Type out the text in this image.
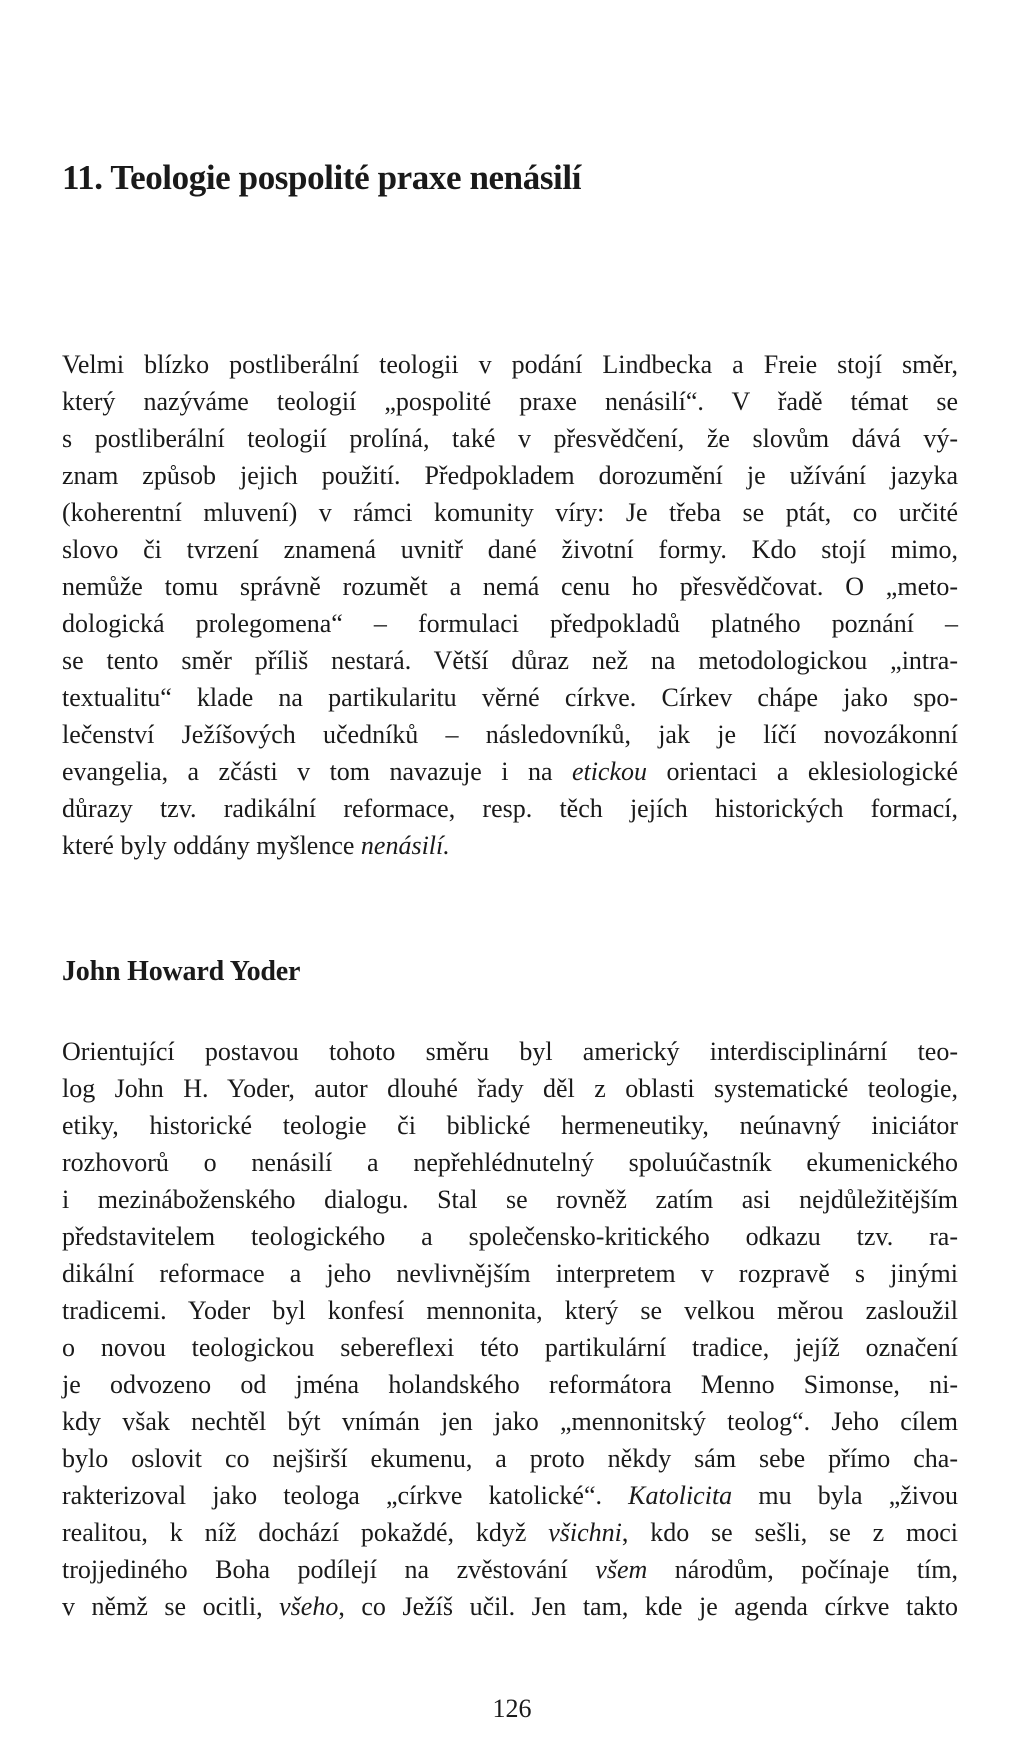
11. Teologie pospolité praxe nenásilí
Velmi blízko postliberální teologii v podání Lindbecka a Freie stojí směr,
který nazýváme teologií „pospolité praxe nenásilí“. V řadě témat se
s postliberální teologií prolíná, také v přesvědčení, že slovům dává vý-
znam způsob jejich použití. Předpokladem dorozumění je užívání jazyka
(koherentní mluvení) v rámci komunity víry: Je třeba se ptát, co určité
slovo či tvrzení znamená uvnitř dané životní formy. Kdo stojí mimo,
nemůže tomu správně rozumět a nemá cenu ho přesvědčovat. O „meto-
dologická prolegomena“ – formulaci předpokladů platného poznání –
se tento směr příliš nestará. Větší důraz než na metodologickou „intra-
textualitu“ klade na partikularitu věrné církve. Církev chápe jako spo-
lečenství Ježíšových učedníků – následovníků, jak je líčí novozákonní
evangelia, a zčásti v tom navazuje i na etickou orientaci a eklesiologické
důrazy tzv. radikální reformace, resp. těch jejích historických formací,
které byly oddány myšlence nenásilí.
John Howard Yoder
Orientující postavou tohoto směru byl americký interdisciplinární teo-
log John H. Yoder, autor dlouhé řady děl z oblasti systematické teologie,
etiky, historické teologie či biblické hermeneutiky, neúnavný iniciátor
rozhovorů o nenásilí a nepřehlédnutelný spoluúčastník ekumenického
i mezináboženského dialogu. Stal se rovněž zatím asi nejdůležitějším
představitelem teologického a společensko-kritického odkazu tzv. ra-
dikální reformace a jeho nevlivnějším interpretem v rozpravě s jinými
tradicemi. Yoder byl konfesí mennonita, který se velkou měrou zasloužil
o novou teologickou sebereflexi této partikulární tradice, jejíž označení
je odvozeno od jména holandského reformátora Menno Simonse, ni-
kdy však nechtěl být vnímán jen jako „mennonitský teolog“. Jeho cílem
bylo oslovit co nejširší ekumenu, a proto někdy sám sebe přímo cha-
rakterizoval jako teologa „církve katolické“. Katolicita mu byla „živou
realitou, k níž dochází pokaždé, když všichni, kdo se sešli, se z moci
trojjediného Boha podílejí na zvěstování všem národům, počínaje tím,
v němž se ocitli, všeho, co Ježíš učil. Jen tam, kde je agenda církve takto
126
